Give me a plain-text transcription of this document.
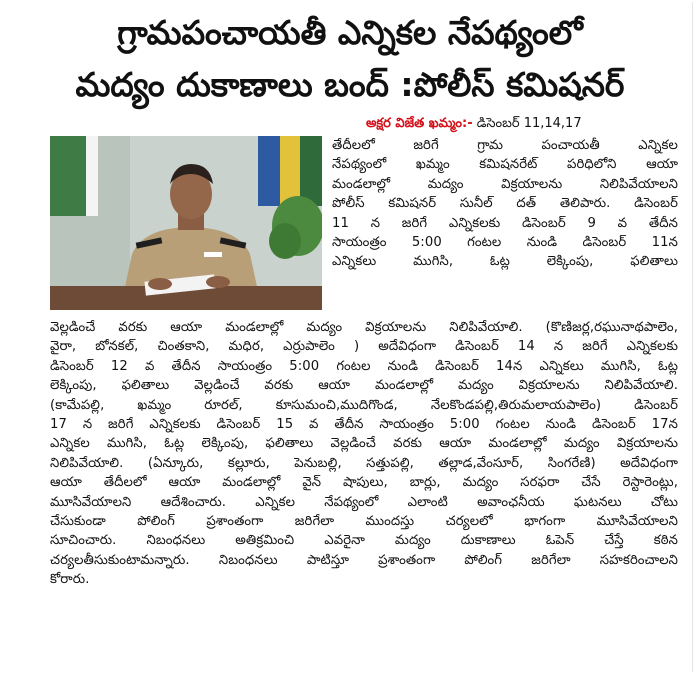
గ్రామపంచాయతీ ఎన్నికల నేపథ్యంలో
మద్యం దుకాణాలు బంద్ :పోలీస్ కమిషనర్
అక్షర విజేత ఖమ్మం:- డిసెంబర్ 11,14,17
తేదీలలో జరిగే గ్రామ పంచాయతీ ఎన్నికల
నేపథ్యంలో ఖమ్మం కమిషనరేట్ పరిధిలోని ఆయా
మండలాల్లో మద్యం విక్రయాలను నిలిపివేయాలని
పోలీస్ కమిషనర్ సునీల్ దత్ తెలిపారు. డిసెంబర్
11 న జరిగే ఎన్నికలకు డిసెంబర్ 9 వ తేదీన
సాయంత్రం 5:00 గంటల నుండి డిసెంబర్ 11న
ఎన్నికలు ముగిసి, ఓట్ల లెక్కింపు, ఫలితాలు
వెల్లడించే వరకు ఆయా మండలాల్లో మద్యం విక్రయాలను నిలిపివేయాలి. (కొణిజర్ల,రఘునాథపాలెం,
వైరా, బోనకల్, చింతకాని, మధిర, ఎర్రుపాలెం ) అదేవిధంగా డిసెంబర్ 14 న జరిగే ఎన్నికలకు
డిసెంబర్ 12 వ తేదీన సాయంత్రం 5:00 గంటల నుండి డిసెంబర్ 14న ఎన్నికలు ముగిసి, ఓట్ల
లెక్కింపు, ఫలితాలు వెల్లడించే వరకు ఆయా మండలాల్లో మద్యం విక్రయాలను నిలిపివేయాలి.
(కామేపల్లి, ఖమ్మం రూరల్, కూసుమంచి,ముదిగొండ, నేలకొండపల్లి,తిరుమలాయపాలెం) డిసెంబర్
17 న జరిగే ఎన్నికలకు డిసెంబర్ 15 వ తేదీన సాయంత్రం 5:00 గంటల నుండి డిసెంబర్ 17న
ఎన్నికల ముగిసి, ఓట్ల లెక్కింపు, ఫలితాలు వెల్లడించే వరకు ఆయా మండలాల్లో మద్యం విక్రయాలను
నిలిపివేయాలి. (ఏన్కూరు, కల్లూరు, పెనుబల్లి, సత్తుపల్లి, తల్లాడ,వేంసూర్, సింగరేణి) అదేవిధంగా
ఆయా తేదీలలో ఆయా మండలాల్లో వైన్ షాపులు, బార్లు, మద్యం సరఫరా చేసే రెస్టారెంట్లు,
మూసివేయాలని ఆదేశించారు. ఎన్నికల నేపథ్యంలో ఎలాంటి అవాంఛనీయ ఘటనలు చోటు
చేసుకుండా పోలింగ్ ప్రశాంతంగా జరిగేలా ముందస్తు చర్యలలో భాగంగా మూసివేయాలని
సూచించారు. నిబంధనలు అతిక్రమించి ఎవరైనా మద్యం దుకాణాలు ఓపెన్ చేస్తే కఠిన
చర్యలతీసుకుంటామన్నారు. నిబంధనలు పాటిస్తూ ప్రశాంతంగా పోలింగ్ జరిగేలా సహకరించాలని
కోరారు.
